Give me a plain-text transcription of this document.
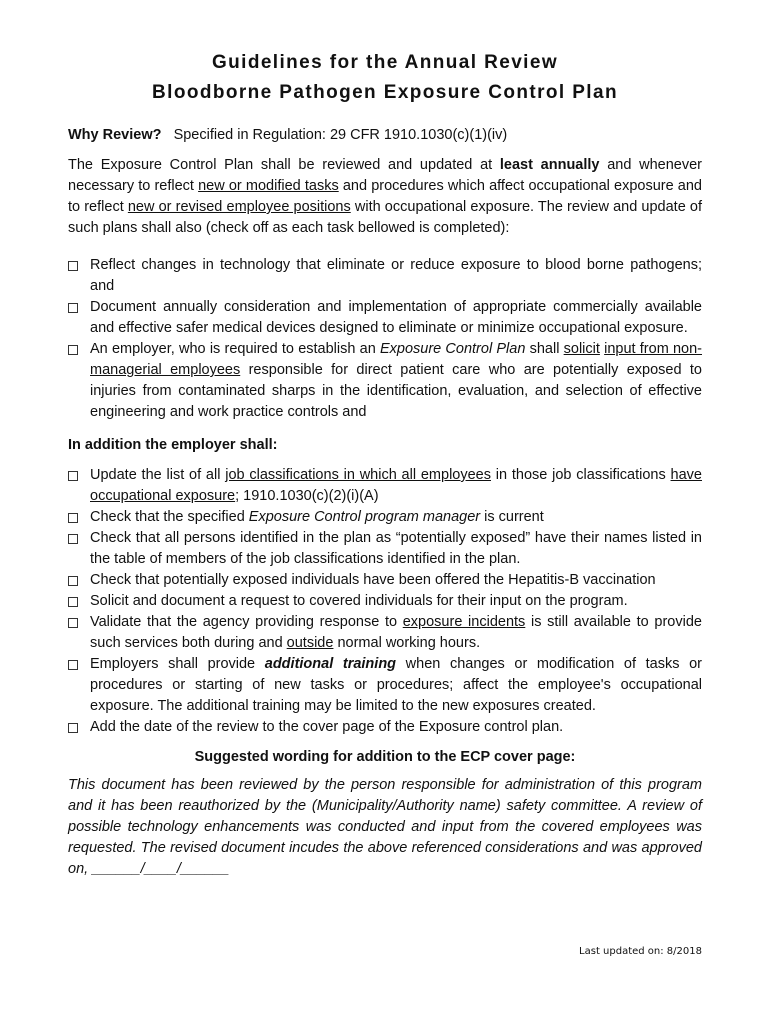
Guidelines for the Annual Review
Bloodborne Pathogen Exposure Control Plan
Why Review? Specified in Regulation: 29 CFR 1910.1030(c)(1)(iv)
The Exposure Control Plan shall be reviewed and updated at least annually and whenever necessary to reflect new or modified tasks and procedures which affect occupational exposure and to reflect new or revised employee positions with occupational exposure. The review and update of such plans shall also (check off as each task bellowed is completed):
Reflect changes in technology that eliminate or reduce exposure to blood borne pathogens; and
Document annually consideration and implementation of appropriate commercially available and effective safer medical devices designed to eliminate or minimize occupational exposure.
An employer, who is required to establish an Exposure Control Plan shall solicit input from non-managerial employees responsible for direct patient care who are potentially exposed to injuries from contaminated sharps in the identification, evaluation, and selection of effective engineering and work practice controls and
In addition the employer shall:
Update the list of all job classifications in which all employees in those job classifications have occupational exposure; 1910.1030(c)(2)(i)(A)
Check that the specified Exposure Control program manager is current
Check that all persons identified in the plan as “potentially exposed” have their names listed in the table of members of the job classifications identified in the plan.
Check that potentially exposed individuals have been offered the Hepatitis-B vaccination
Solicit and document a request to covered individuals for their input on the program.
Validate that the agency providing response to exposure incidents is still available to provide such services both during and outside normal working hours.
Employers shall provide additional training when changes or modification of tasks or procedures or starting of new tasks or procedures; affect the employee's occupational exposure. The additional training may be limited to the new exposures created.
Add the date of the review to the cover page of the Exposure control plan.
Suggested wording for addition to the ECP cover page:
This document has been reviewed by the person responsible for administration of this program and it has been reauthorized by the (Municipality/Authority name) safety committee. A review of possible technology enhancements was conducted and input from the covered employees was requested. The revised document incudes the above referenced considerations and was approved on, ______/____/______
Last updated on: 8/2018
